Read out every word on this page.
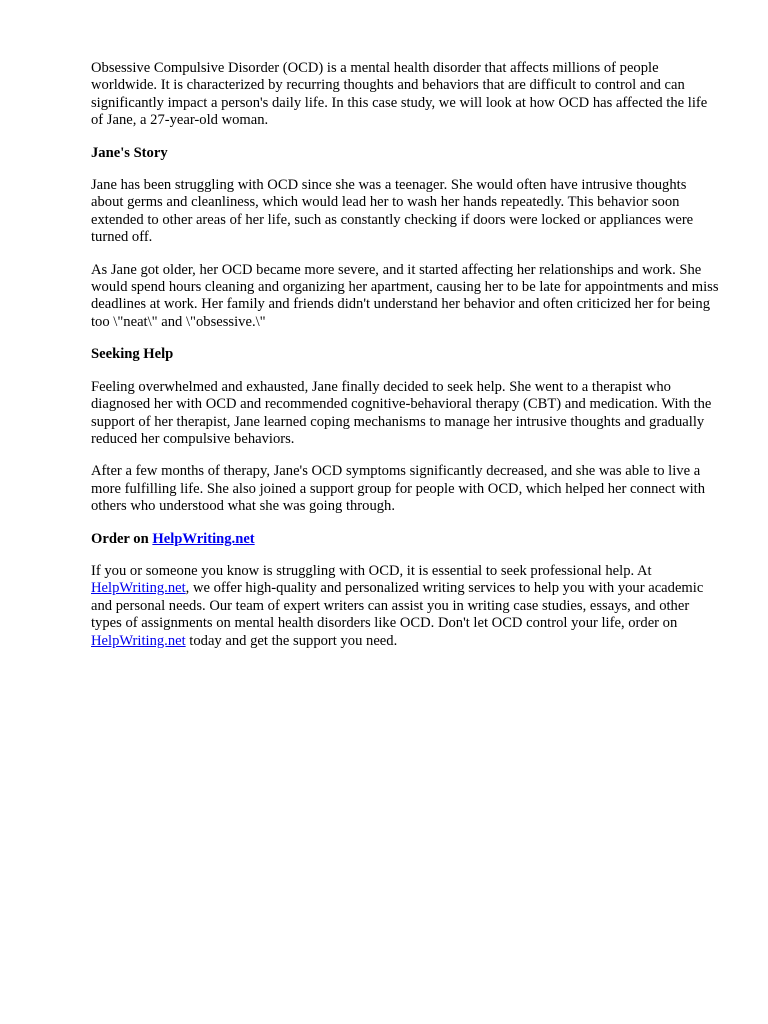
Obsessive Compulsive Disorder (OCD) is a mental health disorder that affects millions of people worldwide. It is characterized by recurring thoughts and behaviors that are difficult to control and can significantly impact a person's daily life. In this case study, we will look at how OCD has affected the life of Jane, a 27-year-old woman.

Jane's Story

Jane has been struggling with OCD since she was a teenager. She would often have intrusive thoughts about germs and cleanliness, which would lead her to wash her hands repeatedly. This behavior soon extended to other areas of her life, such as constantly checking if doors were locked or appliances were turned off.

As Jane got older, her OCD became more severe, and it started affecting her relationships and work. She would spend hours cleaning and organizing her apartment, causing her to be late for appointments and miss deadlines at work. Her family and friends didn't understand her behavior and often criticized her for being too \"neat\" and \"obsessive.\"

Seeking Help

Feeling overwhelmed and exhausted, Jane finally decided to seek help. She went to a therapist who diagnosed her with OCD and recommended cognitive-behavioral therapy (CBT) and medication. With the support of her therapist, Jane learned coping mechanisms to manage her intrusive thoughts and gradually reduced her compulsive behaviors.

After a few months of therapy, Jane's OCD symptoms significantly decreased, and she was able to live a more fulfilling life. She also joined a support group for people with OCD, which helped her connect with others who understood what she was going through.

Order on HelpWriting.net

If you or someone you know is struggling with OCD, it is essential to seek professional help. At HelpWriting.net, we offer high-quality and personalized writing services to help you with your academic and personal needs. Our team of expert writers can assist you in writing case studies, essays, and other types of assignments on mental health disorders like OCD. Don't let OCD control your life, order on HelpWriting.net today and get the support you need.
